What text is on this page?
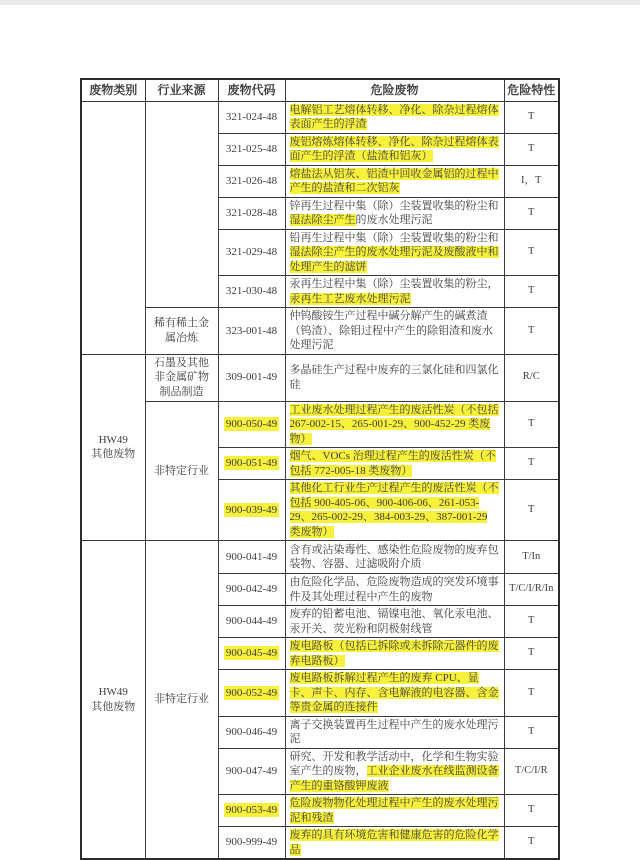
废物类别	行业来源	废物代码	危险废物	危险特性
		321-024-48	电解铝工艺熔体转移、净化、除杂过程熔体表面产生的浮渣	T
		321-025-48	废铝熔炼熔体转移、净化、除杂过程熔体表面产生的浮渣（盐渣和铝灰）	T
		321-026-48	熔盐法从铝灰、铝渣中回收金属铝的过程中产生的盐渣和二次铝灰	I，T
		321-028-48	锌再生过程中集（除）尘装置收集的粉尘和湿法除尘产生的废水处理污泥	T
		321-029-48	铅再生过程中集（除）尘装置收集的粉尘和湿法除尘产生的废水处理污泥及废酸液中和处理产生的滤饼	T
		321-030-48	汞再生过程中集（除）尘装置收集的粉尘，汞再生工艺废水处理污泥	T
	稀有稀土金属冶炼	323-001-48	仲钨酸铵生产过程中碱分解产生的碱煮渣（钨渣）、除钼过程中产生的除钼渣和废水处理污泥	T

HW49
其他废物	石墨及其他非金属矿物制品制造	309-001-49	多晶硅生产过程中废弃的三氯化硅和四氯化硅	R/C
	非特定行业	900-050-49	工业废水处理过程产生的废活性炭（不包括 267-002-15、265-001-29、900-452-29 类废物）	T
		900-051-49	烟气、VOCs 治理过程产生的废活性炭（不包括 772-005-18 类废物）	T
		900-039-49	其他化工行业生产过程产生的废活性炭（不包括 900-405-06、900-406-06、261-053-29、265-002-29、384-003-29、387-001-29 类废物）	T

HW49
其他废物	非特定行业	900-041-49	含有或沾染毒性、感染性危险废物的废弃包装物、容器、过滤吸附介质	T/In
		900-042-49	由危险化学品、危险废物造成的突发环境事件及其处理过程中产生的废物	T/C/I/R/In
		900-044-49	废弃的铅蓄电池、镉镍电池、氧化汞电池、汞开关、荧光粉和阴极射线管	T
		900-045-49	废电路板（包括已拆除或未拆除元器件的废弃电路板）	T
		900-052-49	废电路板拆解过程产生的废弃 CPU、显卡、声卡、内存、含电解液的电容器、含金等贵金属的连接件	T
		900-046-49	离子交换装置再生过程中产生的废水处理污泥	T
		900-047-49	研究、开发和教学活动中，化学和生物实验室产生的废物，工业企业废水在线监测设备产生的重铬酸钾废液	T/C/I/R
		900-053-49	危险废物物化处理过程中产生的废水处理污泥和残渣	T
		900-999-49	废弃的具有环境危害和健康危害的危险化学品	T
